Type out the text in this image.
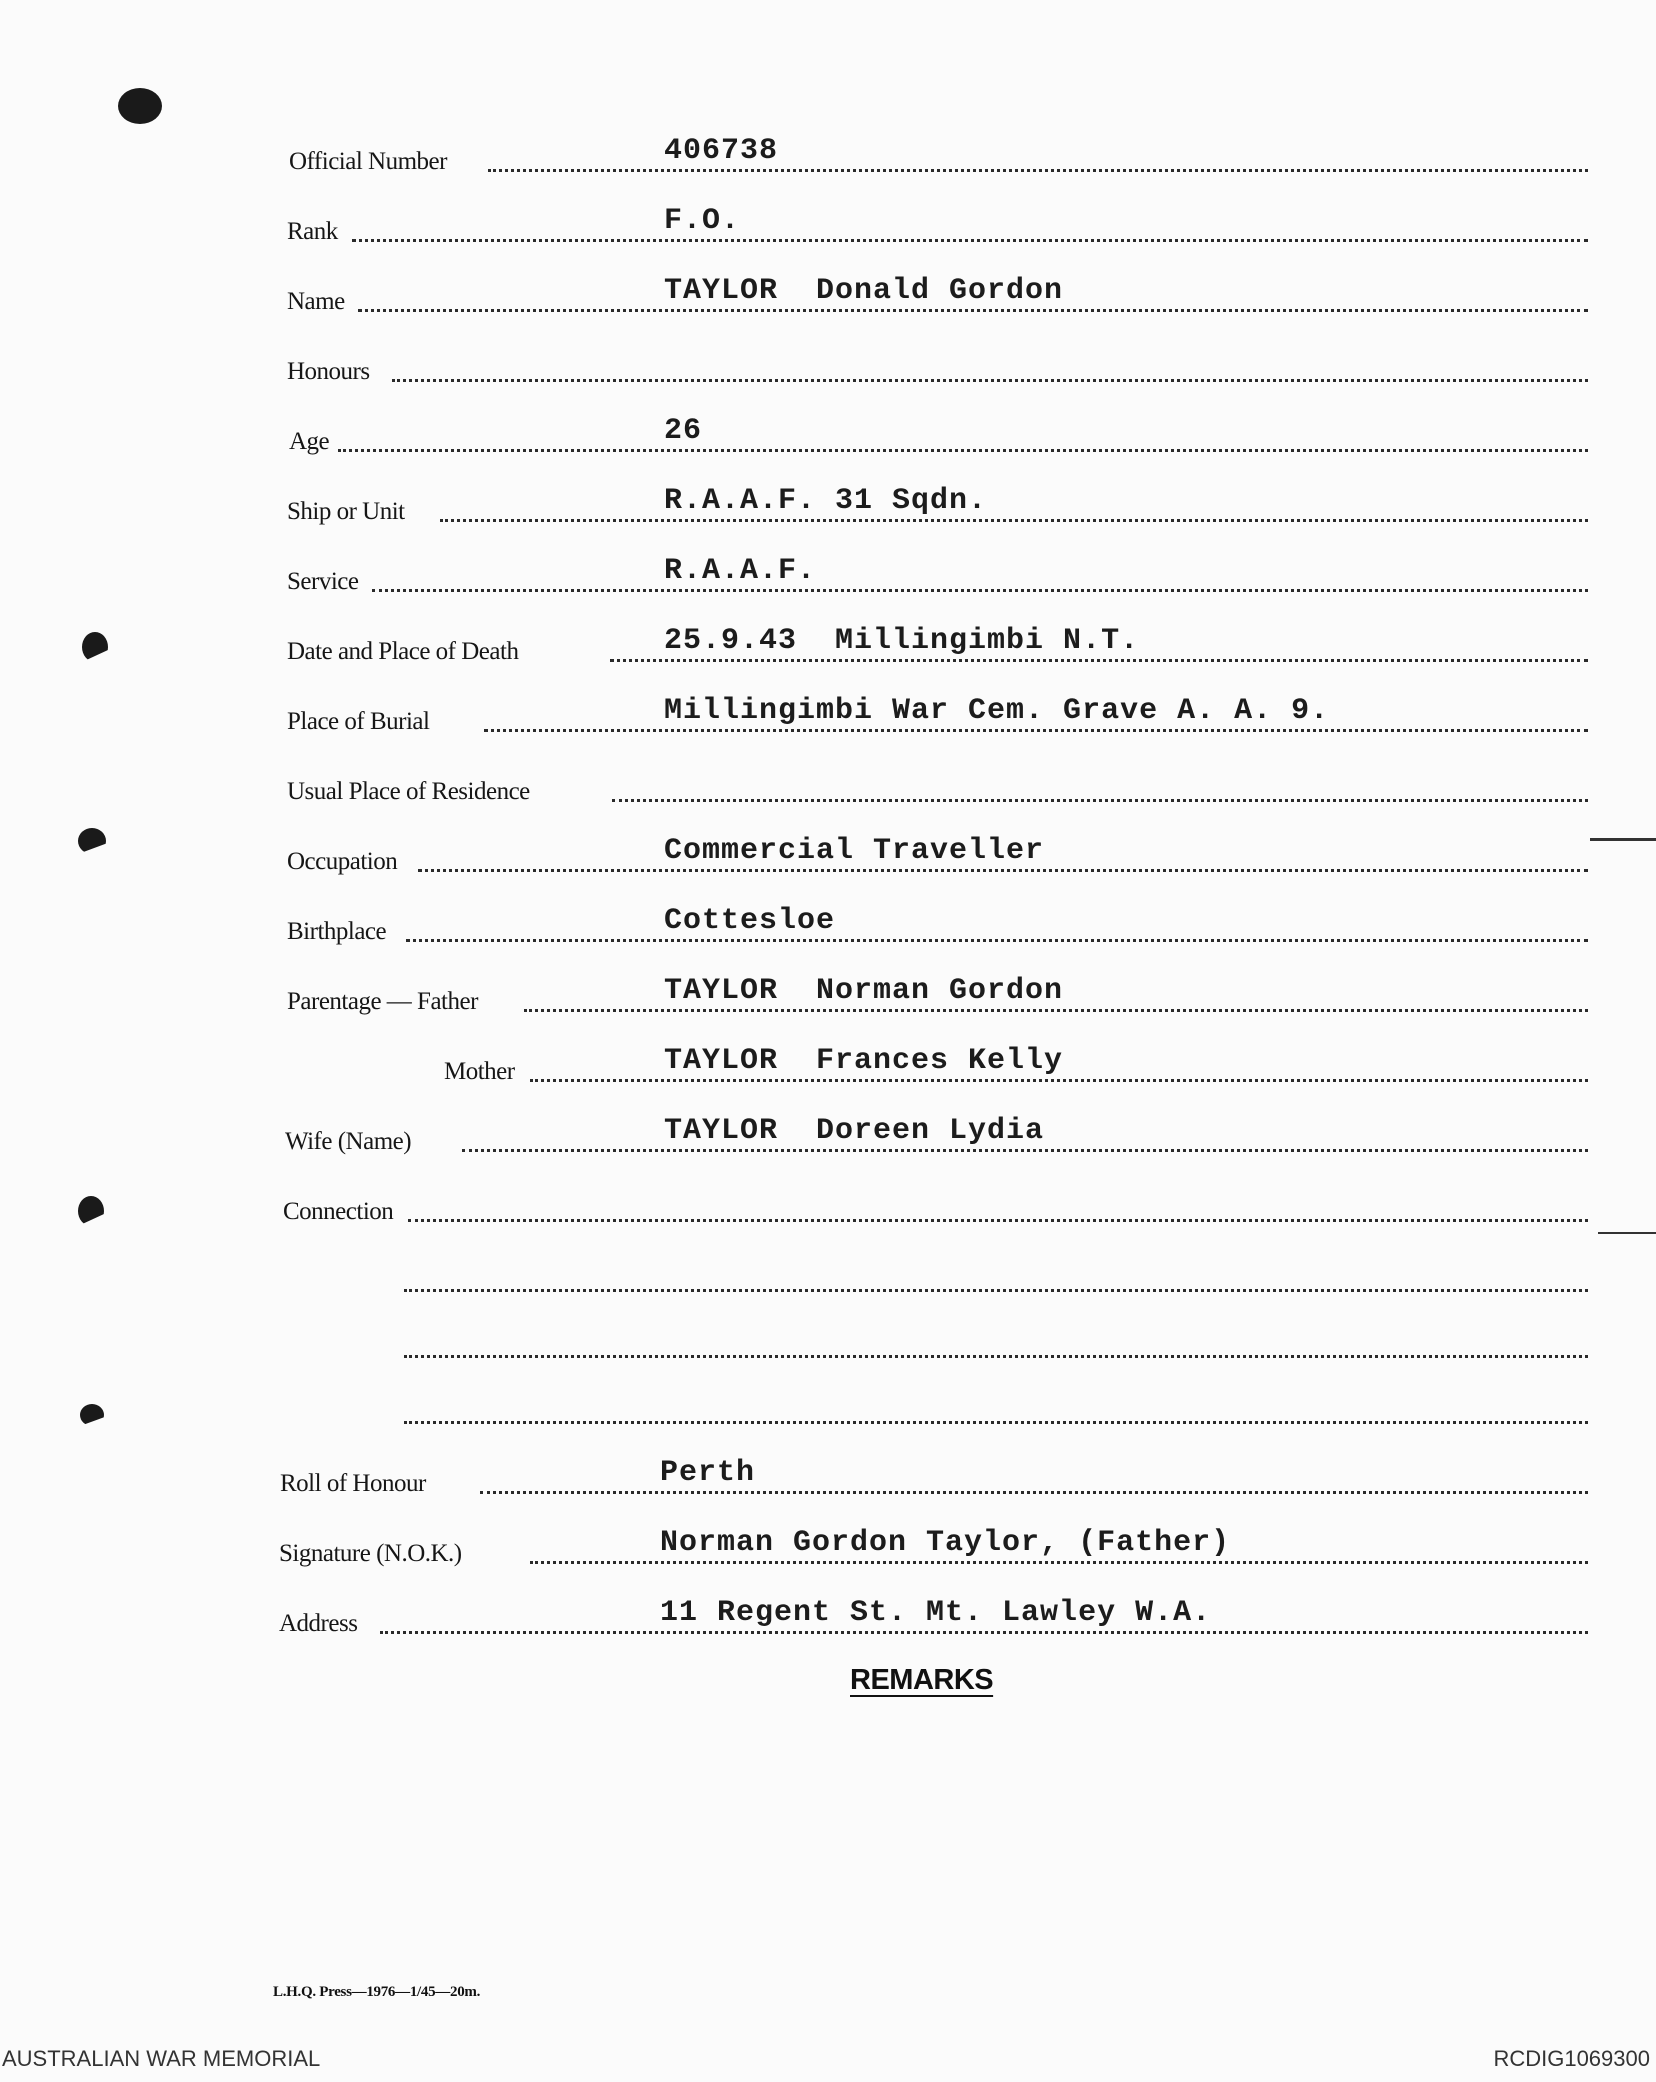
Official Number	406738
Rank	F.O.
Name	TAYLOR  Donald Gordon
Honours
Age	26
Ship or Unit	R.A.A.F. 31 Sqdn.
Service	R.A.A.F.
Date and Place of Death	25.9.43  Millingimbi N.T.
Place of Burial	Millingimbi War Cem. Grave A. A. 9.
Usual Place of Residence
Occupation	Commercial Traveller
Birthplace	Cottesloe
Parentage — Father	TAYLOR  Norman Gordon
Mother	TAYLOR  Frances Kelly
Wife (Name)	TAYLOR  Doreen Lydia
Connection
Roll of Honour	Perth
Signature (N.O.K.)	Norman Gordon Taylor, (Father)
Address	11 Regent St. Mt. Lawley W.A.
REMARKS
L.H.Q. Press—1976—1/45—20m.
AUSTRALIAN WAR MEMORIAL	RCDIG1069300
